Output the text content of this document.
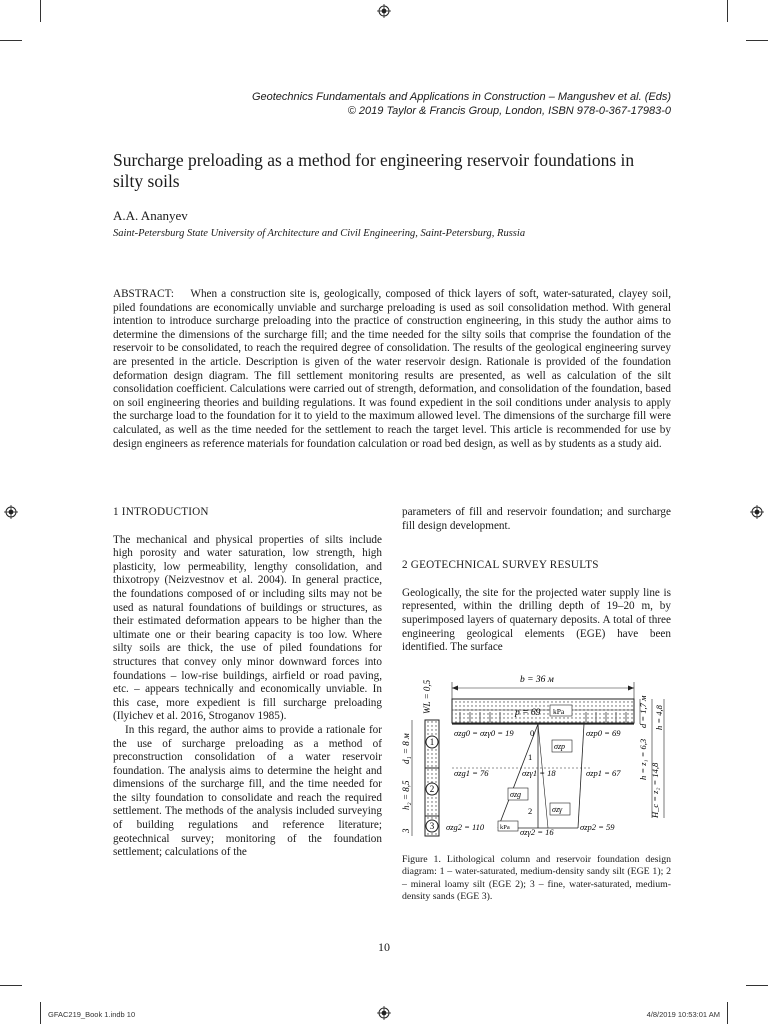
Geotechnics Fundamentals and Applications in Construction – Mangushev et al. (Eds)
© 2019 Taylor & Francis Group, London, ISBN 978-0-367-17983-0
Surcharge preloading as a method for engineering reservoir foundations in silty soils
A.A. Ananyev
Saint-Petersburg State University of Architecture and Civil Engineering, Saint-Petersburg, Russia
ABSTRACT: When a construction site is, geologically, composed of thick layers of soft, water-saturated, clayey soil, piled foundations are economically unviable and surcharge preloading is used as soil consolidation method. With general intention to introduce surcharge preloading into the practice of construction engineering, in this study the author aims to determine the dimensions of the surcharge fill; and the time needed for the silty soils that comprise the foundation of the reservoir to be consolidated, to reach the required degree of consolidation. The results of the geological engineering survey are presented in the article. Description is given of the water reservoir design. Rationale is provided of the foundation deformation design diagram. The fill settlement monitoring results are presented, as well as calculation of the silt consolidation coefficient. Calculations were carried out of strength, deformation, and consolidation of the foundation, based on soil engineering theories and building regulations. It was found expedient in the soil conditions under analysis to apply the surcharge load to the foundation for it to yield to the maximum allowed level. The dimensions of the surcharge fill were calculated, as well as the time needed for the settlement to reach the target level. This article is recommended for use by design engineers as reference materials for foundation calculation or road bed design, as well as by students as a study aid.
1 INTRODUCTION

The mechanical and physical properties of silts include high porosity and water saturation, low strength, high plasticity, low permeability, lengthy consolidation, and thixotropy (Neizvestnov et al. 2004). In general practice, the foundations composed of or including silts may not be used as natural foundations of buildings or structures, as their estimated deformation appears to be higher than the ultimate one or their bearing capacity is too low. Where silty soils are thick, the use of piled foundations for structures that convey only minor downward forces into foundations – low-rise buildings, airfield or road paving, etc. – appears technically and economically unviable. In this case, more expedient is fill surcharge preloading (Ilyichev et al. 2016, Stroganov 1985).

In this regard, the author aims to provide a rationale for the use of surcharge preloading as a method of preconstruction consolidation of a water reservoir foundation. The analysis aims to determine the height and dimensions of the surcharge fill, and the time needed for the silty foundation to consolidate and reach the required settlement. The methods of the analysis included surveying of building regulations and reference literature; geotechnical survey; monitoring of the foundation settlement; calculations of the

parameters of fill and reservoir foundation; and surcharge fill design development.

2 GEOTECHNICAL SURVEY RESULTS

Geologically, the site for the projected water supply line is represented, within the drilling depth of 19–20 m, by superimposed layers of quaternary deposits. A total of three engineering geological elements (EGE) have been identified. The surface

1
2
3
WL = 0,5
d₁ = 8 м
h₂ = 8,5
3
b = 36 м
p = 69 kPa
σzg0 = σzγ0 = 19 0
σzp
σzp0 = 69
1
σzg1 = 76	σzγ1 = 18	σzp1 = 67
σzg
2 σzγ
σzg2 = 110 kPa σzγ2 = 16	σzp2 = 59
d = 1,7 м h = 4,8
h = z₁ = 6,3
H_c = z₂ = 14,8
Figure 1. Lithological column and reservoir foundation design diagram: 1 – water-saturated, medium-density sandy silt (EGE 1); 2 – mineral loamy silt (EGE 2); 3 – fine, water-saturated, medium-density sands (EGE 3).
10
GFAC219_Book 1.indb 10	4/8/2019 10:53:01 AM
